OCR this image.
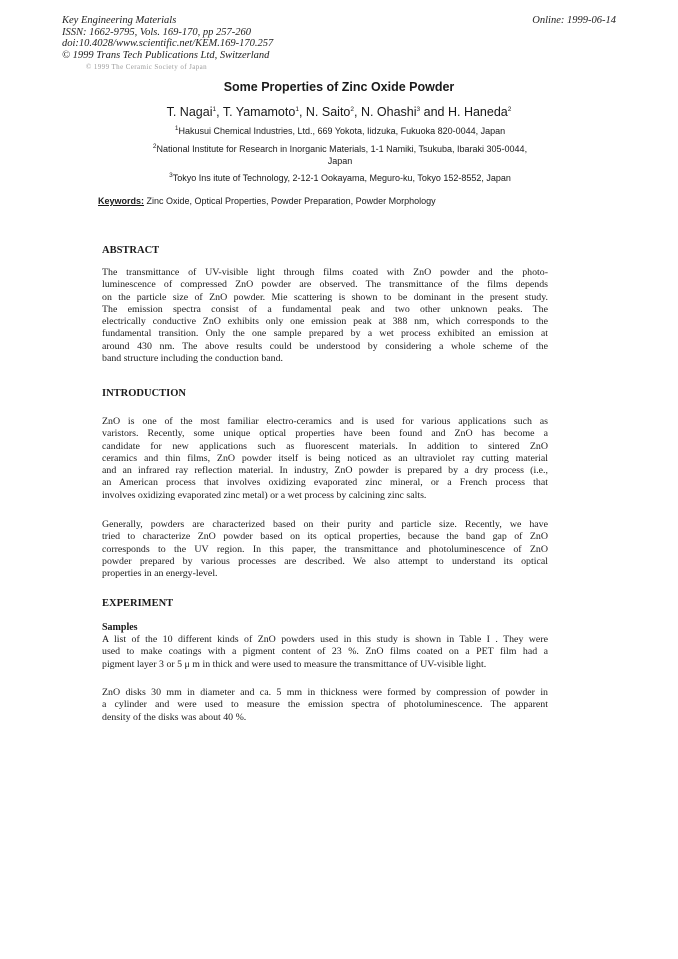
Key Engineering Materials
ISSN: 1662-9795, Vols. 169-170, pp 257-260
doi:10.4028/www.scientific.net/KEM.169-170.257
© 1999 Trans Tech Publications Ltd, Switzerland
Online: 1999-06-14
© 1999 The Ceramic Society of Japan
Some Properties of Zinc Oxide Powder
T. Nagai$^1$, T. Yamamoto$^1$, N. Saito$^2$, N. Ohashi$^3$ and H. Haneda$^2$
$^1$Hakusui Chemical Industries, Ltd., 669 Yokota, Iidzuka, Fukuoka 820-0044, Japan
$^2$National Institute for Research in Inorganic Materials, 1-1 Namiki, Tsukuba, Ibaraki 305-0044,
Japan
$^3$Tokyo Ins itute of Technology, 2-12-1 Ookayama, Meguro-ku, Tokyo 152-8552, Japan
Keywords: Zinc Oxide, Optical Properties, Powder Preparation, Powder Morphology
ABSTRACT
The transmittance of UV-visible light through films coated with ZnO powder and the photo-
luminescence of compressed ZnO powder are observed. The transmittance of the films depends
on the particle size of ZnO powder. Mie scattering is shown to be dominant in the present study.
The emission spectra consist of a fundamental peak and two other unknown peaks. The
electrically conductive ZnO exhibits only one emission peak at 388 nm, which corresponds to the
fundamental transition. Only the one sample prepared by a wet process exhibited an emission at
around 430 nm. The above results could be understood by considering a whole scheme of the
band structure including the conduction band.
INTRODUCTION
ZnO is one of the most familiar electro-ceramics and is used for various applications such as
varistors. Recently, some unique optical properties have been found and ZnO has become a
candidate for new applications such as fluorescent materials. In addition to sintered ZnO
ceramics and thin films, ZnO powder itself is being noticed as an ultraviolet ray cutting material
and an infrared ray reflection material. In industry, ZnO powder is prepared by a dry process (i.e.,
an American process that involves oxidizing evaporated zinc mineral, or a French process that
involves oxidizing evaporated zinc metal) or a wet process by calcining zinc salts.
Generally, powders are characterized based on their purity and particle size. Recently, we have
tried to characterize ZnO powder based on its optical properties, because the band gap of ZnO
corresponds to the UV region. In this paper, the transmittance and photoluminescence of ZnO
powder prepared by various processes are described. We also attempt to understand its optical
properties in an energy-level.
EXPERIMENT
Samples
A list of the 10 different kinds of ZnO powders used in this study is shown in Table I . They were
used to make coatings with a pigment content of 23 %. ZnO films coated on a PET film had a
pigment layer 3 or 5 μ m in thick and were used to measure the transmittance of UV-visible light.
ZnO disks 30 mm in diameter and ca. 5 mm in thickness were formed by compression of powder in
a cylinder and were used to measure the emission spectra of photoluminescence. The apparent
density of the disks was about 40 %.
